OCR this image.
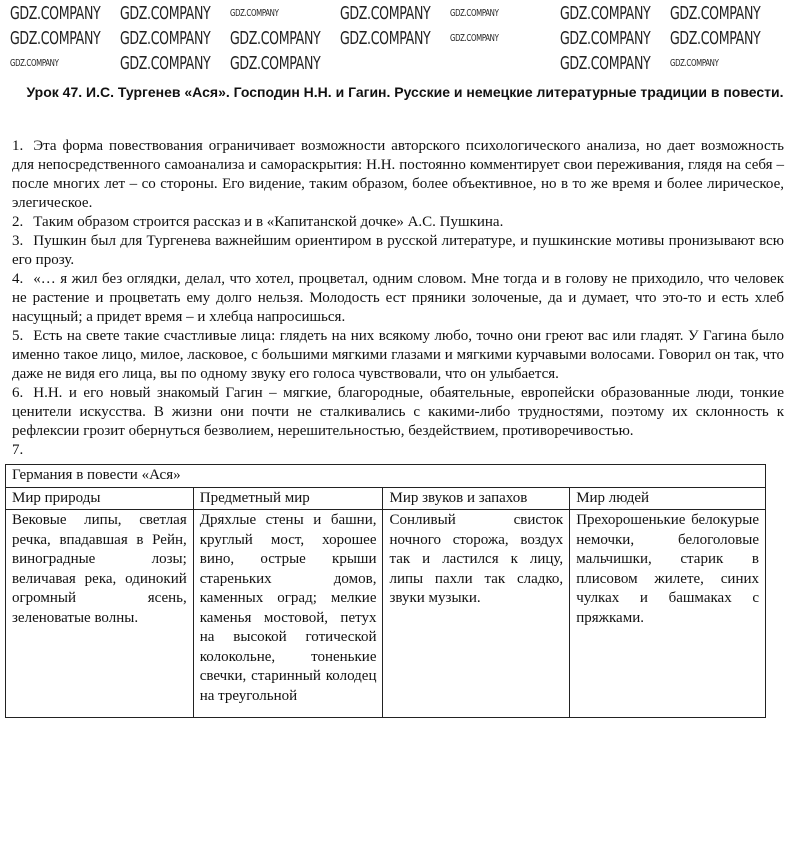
Урок 47. И.С. Тургенев «Ася». Господин Н.Н. и Гагин. Русские и немецкие литературные традиции в повести.

1. Эта форма повествования ограничивает возможности авторского психологического анализа, но дает возможность для непосредственного самоанализа и самораскрытия: Н.Н. постоянно комментирует свои переживания, глядя на себя – после многих лет – со стороны. Его видение, таким образом, более объективное, но в то же время и более лирическое, элегическое.

2. Таким образом строится рассказ и в «Капитанской дочке» А.С. Пушкина.

3. Пушкин был для Тургенева важнейшим ориентиром в русской литературе, и пушкинские мотивы пронизывают всю его прозу.

4. «… я жил без оглядки, делал, что хотел, процветал, одним словом. Мне тогда и в голову не приходило, что человек не растение и процветать ему долго нельзя. Молодость ест пряники золоченые, да и думает, что это-то и есть хлеб насущный; а придет время – и хлебца напросишься.

5. Есть на свете такие счастливые лица: глядеть на них всякому любо, точно они греют вас или гладят. У Гагина было именно такое лицо, милое, ласковое, с большими мягкими глазами и мягкими курчавыми волосами. Говорил он так, что даже не видя его лица, вы по одному звуку его голоса чувствовали, что он улыбается.

6. Н.Н. и его новый знакомый Гагин – мягкие, благородные, обаятельные, европейски образованные люди, тонкие ценители искусства. В жизни они почти не сталкивались с какими-либо трудностями, поэтому их склонность к рефлексии грозит обернуться безволием, нерешительностью, бездействием, противоречивостью.

7.

Германия в повести «Ася»			
Мир природы	Предметный мир	Мир звуков и запахов	Мир людей
Вековые липы, светлая речка, впадавшая в Рейн, виноградные лозы; величавая река, одинокий огромный ясень, зеленоватые волны.	Дряхлые стены и башни, круглый мост, хорошее вино, острые крыши стареньких домов, каменных оград; мелкие каменья мостовой, петух на высокой готической колокольне, тоненькие свечки, старинный колодец на треугольной	Сонливый свисток ночного сторожа, воздух так и ластился к лицу, липы пахли так сладко, звуки музыки.	Прехорошенькие белокурые немочки, белоголовые мальчишки, старик в плисовом жилете, синих чулках и башмаках с пряжками.
GDZ.COMPANY GDZ.COMPANY GDZ.COMPANY	GDZ.COMPANY GDZ.COMPANY	GDZ.COMPANY GDZ.COMPANY
GDZ.COMPANY GDZ.COMPANY GDZ.COMPANY GDZ.COMPANY GDZ.COMPANY	GDZ.COMPANY GDZ.COMPANY
GDZ.COMPANY	GDZ.COMPANY GDZ.COMPANY	GDZ.COMPANY GDZ.COMPANY
